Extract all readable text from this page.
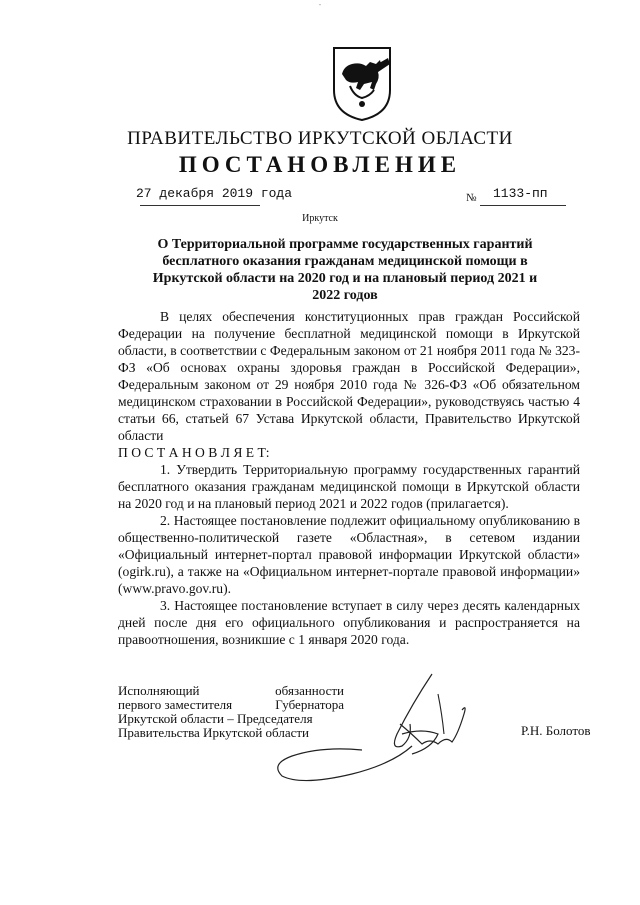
-
ПРАВИТЕЛЬСТВО ИРКУТСКОЙ ОБЛАСТИ
ПОСТАНОВЛЕНИЕ
27 декабря 2019 года	№ 1133-пп
Иркутск
О Территориальной программе государственных гарантий бесплатного оказания гражданам медицинской помощи в Иркутской области на 2020 год и на плановый период 2021 и 2022 годов

В целях обеспечения конституционных прав граждан Российской Федерации на получение бесплатной медицинской помощи в Иркутской области, в соответствии с Федеральным законом от 21 ноября 2011 года № 323-ФЗ «Об основах охраны здоровья граждан в Российской Федерации», Федеральным законом от 29 ноября 2010 года № 326-ФЗ «Об обязательном медицинском страховании в Российской Федерации», руководствуясь частью 4 статьи 66, статьей 67 Устава Иркутской области, Правительство Иркутской области

П О С Т А Н О В Л Я Е Т:

1. Утвердить Территориальную программу государственных гарантий бесплатного оказания гражданам медицинской помощи в Иркутской области на 2020 год и на плановый период 2021 и 2022 годов (прилагается).

2. Настоящее постановление подлежит официальному опубликованию в общественно-политической газете «Областная», в сетевом издании «Официальный интернет-портал правовой информации Иркутской области» (ogirk.ru), а также на «Официальном интернет-портале правовой информации» (www.pravo.gov.ru).

3. Настоящее постановление вступает в силу через десять календарных дней после дня его официального опубликования и распространяется на правоотношения, возникшие с 1 января 2020 года.

Исполняющий	обязанности
первого заместителя	Губернатора
Иркутской области – Председателя
Правительства Иркутской области	Р.Н. Болотов
